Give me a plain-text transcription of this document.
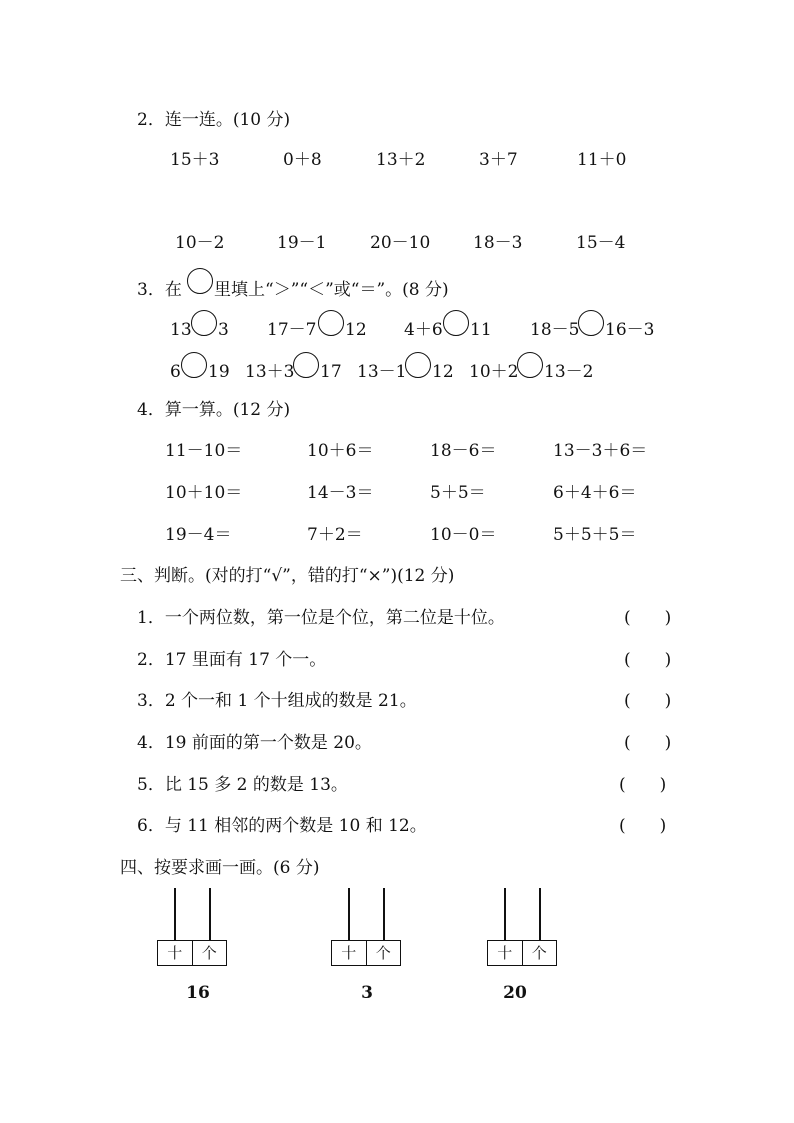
2．连一连。(10 分)
15＋3	0＋8	13＋2	3＋7	11＋0
10－2	19－1	20－10	18－3	15－4
3．在 里填上“＞”“＜”或“＝”。(8 分)
13 3 17－7 12 4＋6 11 18－5 16－3
6 19 13＋3 17 13－1 12 10＋2 13－2
4．算一算。(12 分)
11－10＝	10＋6＝	18－6＝	13－3＋6＝
10＋10＝	14－3＝	5＋5＝	6＋4＋6＝
19－4＝	7＋2＝	10－0＝	5＋5＋5＝
三、判断。(对的打“√”，错的打“×”)(12 分)
1．一个两位数，第一位是个位，第二位是十位。	(　　)
2．17 里面有 17 个一。	(　　)
3．2 个一和 1 个十组成的数是 21。	(　　)
4．19 前面的第一个数是 20。	(　　)
5．比 15 多 2 的数是 13。	(　　)
6．与 11 相邻的两个数是 10 和 12。	(　　)
四、按要求画一画。(6 分)
十	个
16
十	个
3
十	个
20
